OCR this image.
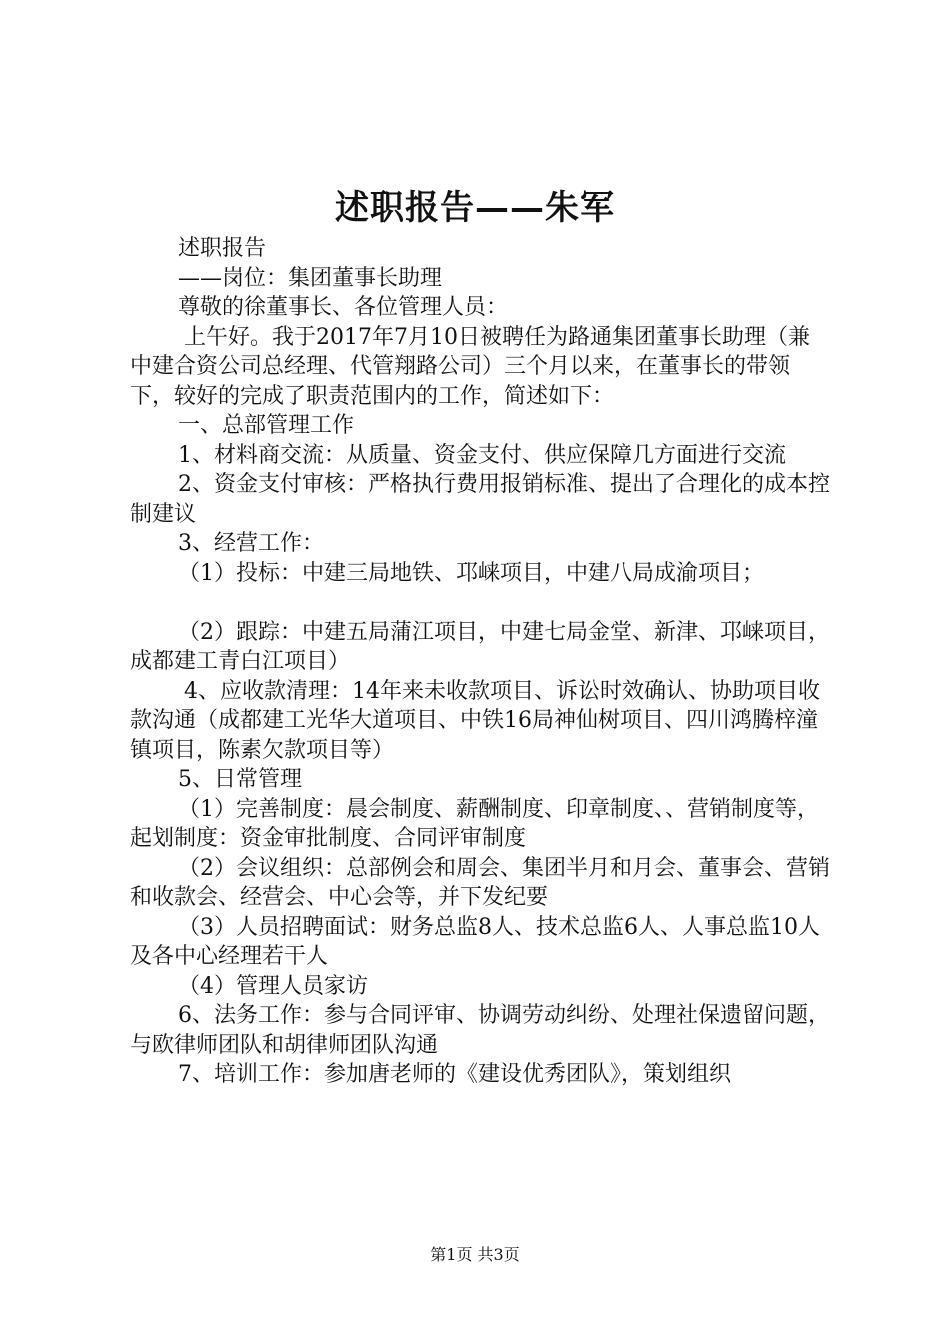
述职报告——朱军

述职报告

——岗位：集团董事长助理

尊敬的徐董事长、各位管理人员：

上午好。我于2017年7月10日被聘任为路通集团董事长助理（兼中建合资公司总经理、代管翔路公司）三个月以来，在董事长的带领下，较好的完成了职责范围内的工作，简述如下：

一、总部管理工作

1、材料商交流：从质量、资金支付、供应保障几方面进行交流

2、资金支付审核：严格执行费用报销标准、提出了合理化的成本控制建议

3、经营工作：

（1）投标：中建三局地铁、邛崃项目，中建八局成渝项目；

（2）跟踪：中建五局蒲江项目，中建七局金堂、新津、邛崃项目，成都建工青白江项目）

4、应收款清理：14年来未收款项目、诉讼时效确认、协助项目收款沟通（成都建工光华大道项目、中铁16局神仙树项目、四川鸿腾梓潼镇项目，陈素欠款项目等）

5、日常管理

（1）完善制度：晨会制度、薪酬制度、印章制度、、营销制度等，起划制度：资金审批制度、合同评审制度

（2）会议组织：总部例会和周会、集团半月和月会、董事会、营销和收款会、经营会、中心会等，并下发纪要

（3）人员招聘面试：财务总监8人、技术总监6人、人事总监10人及各中心经理若干人

（4）管理人员家访

6、法务工作：参与合同评审、协调劳动纠纷、处理社保遗留问题，与欧律师团队和胡律师团队沟通

7、培训工作：参加唐老师的《建设优秀团队》，策划组织

第1页 共3页
